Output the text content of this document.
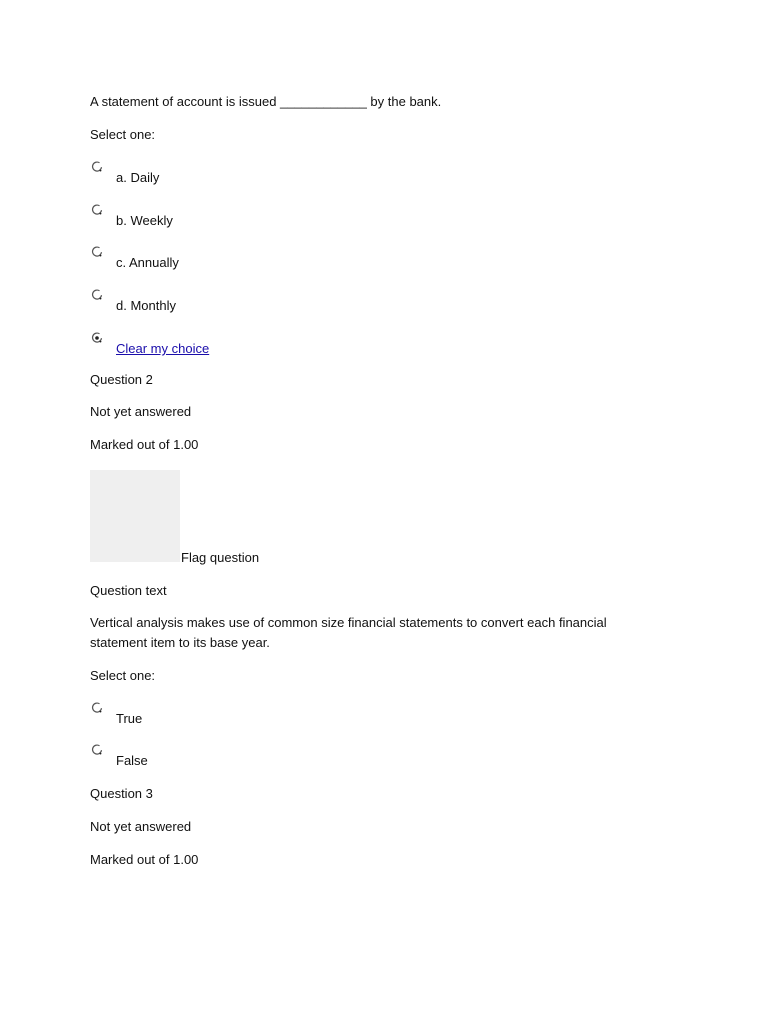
A statement of account is issued ____________ by the bank.
Select one:
a. Daily
b. Weekly
c. Annually
d. Monthly
Clear my choice
Question 2
Not yet answered
Marked out of 1.00
Flag question
Question text
Vertical analysis makes use of common size financial statements to convert each financial statement item to its base year.
Select one:
True
False
Question 3
Not yet answered
Marked out of 1.00
